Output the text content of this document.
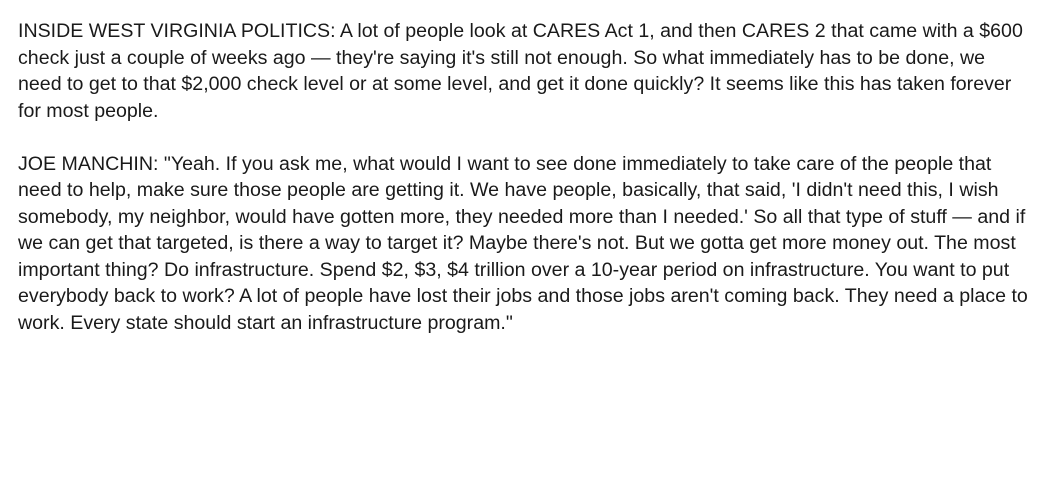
INSIDE WEST VIRGINIA POLITICS: A lot of people look at CARES Act 1, and then CARES 2 that came with a $600 check just a couple of weeks ago — they're saying it's still not enough. So what immediately has to be done, we need to get to that $2,000 check level or at some level, and get it done quickly? It seems like this has taken forever for most people.

JOE MANCHIN: "Yeah. If you ask me, what would I want to see done immediately to take care of the people that need to help, make sure those people are getting it. We have people, basically, that said, 'I didn't need this, I wish somebody, my neighbor, would have gotten more, they needed more than I needed.' So all that type of stuff — and if we can get that targeted, is there a way to target it? Maybe there's not. But we gotta get more money out. The most important thing? Do infrastructure. Spend $2, $3, $4 trillion over a 10-year period on infrastructure. You want to put everybody back to work? A lot of people have lost their jobs and those jobs aren't coming back. They need a place to work. Every state should start an infrastructure program."
